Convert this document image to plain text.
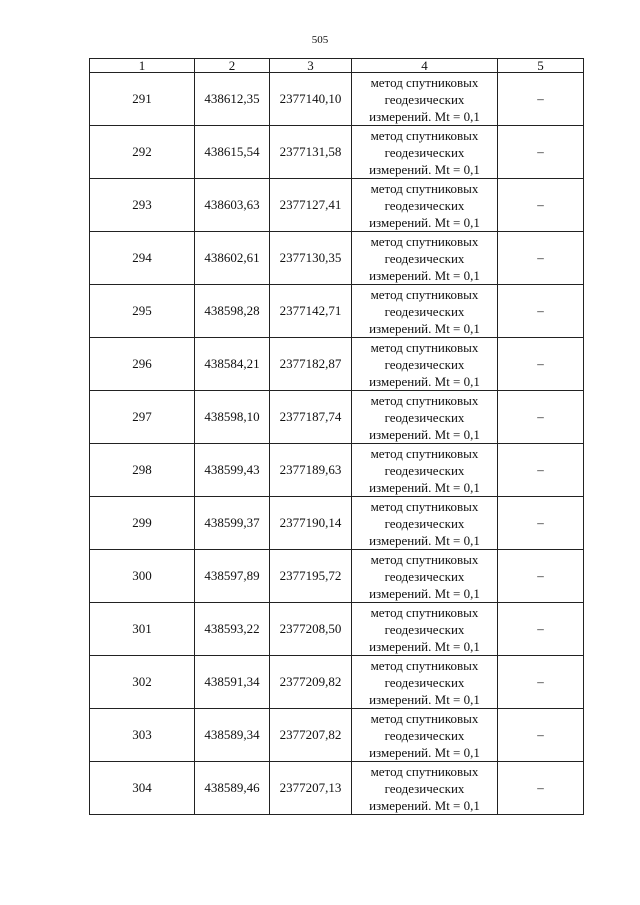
505
1	2	3	4	5
291	438612,35	2377140,10	метод спутниковых
геодезических
измерений. Mt = 0,1	–
292	438615,54	2377131,58	метод спутниковых
геодезических
измерений. Mt = 0,1	–
293	438603,63	2377127,41	метод спутниковых
геодезических
измерений. Mt = 0,1	–
294	438602,61	2377130,35	метод спутниковых
геодезических
измерений. Mt = 0,1	–
295	438598,28	2377142,71	метод спутниковых
геодезических
измерений. Mt = 0,1	–
296	438584,21	2377182,87	метод спутниковых
геодезических
измерений. Mt = 0,1	–
297	438598,10	2377187,74	метод спутниковых
геодезических
измерений. Mt = 0,1	–
298	438599,43	2377189,63	метод спутниковых
геодезических
измерений. Mt = 0,1	–
299	438599,37	2377190,14	метод спутниковых
геодезических
измерений. Mt = 0,1	–
300	438597,89	2377195,72	метод спутниковых
геодезических
измерений. Mt = 0,1	–
301	438593,22	2377208,50	метод спутниковых
геодезических
измерений. Mt = 0,1	–
302	438591,34	2377209,82	метод спутниковых
геодезических
измерений. Mt = 0,1	–
303	438589,34	2377207,82	метод спутниковых
геодезических
измерений. Mt = 0,1	–
304	438589,46	2377207,13	метод спутниковых
геодезических
измерений. Mt = 0,1	–
